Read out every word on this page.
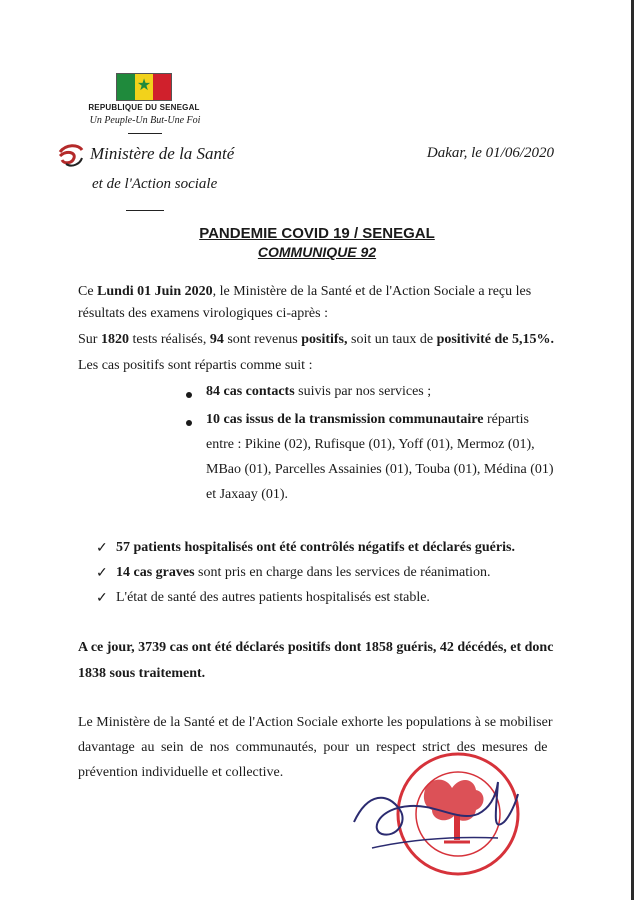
★
REPUBLIQUE DU SENEGAL
Un Peuple-Un But-Une Foi
Ministère de la Santé
et de l'Action sociale
Dakar, le 01/06/2020
PANDEMIE COVID 19 / SENEGAL
COMMUNIQUE 92
Ce Lundi 01 Juin 2020, le Ministère de la Santé et de l'Action Sociale a reçu les
résultats des examens virologiques ci-après :
Sur 1820 tests réalisés, 94 sont revenus positifs, soit un taux de positivité de 5,15%.
Les cas positifs sont répartis comme suit :
84 cas contacts suivis par nos services ;
10 cas issus de la transmission communautaire répartis
entre : Pikine (02), Rufisque (01), Yoff (01), Mermoz (01),
MBao (01), Parcelles Assainies (01), Touba (01), Médina (01)
et Jaxaay (01).
✓ 57 patients hospitalisés ont été contrôlés négatifs et déclarés guéris.
✓ 14 cas graves sont pris en charge dans les services de réanimation.
✓ L'état de santé des autres patients hospitalisés est stable.
A ce jour, 3739 cas ont été déclarés positifs dont 1858 guéris, 42 décédés, et donc
1838 sous traitement.
Le Ministère de la Santé et de l'Action Sociale exhorte les populations à se mobiliser
davantage au sein de nos communautés, pour un respect strict des mesures de
prévention individuelle et collective.
